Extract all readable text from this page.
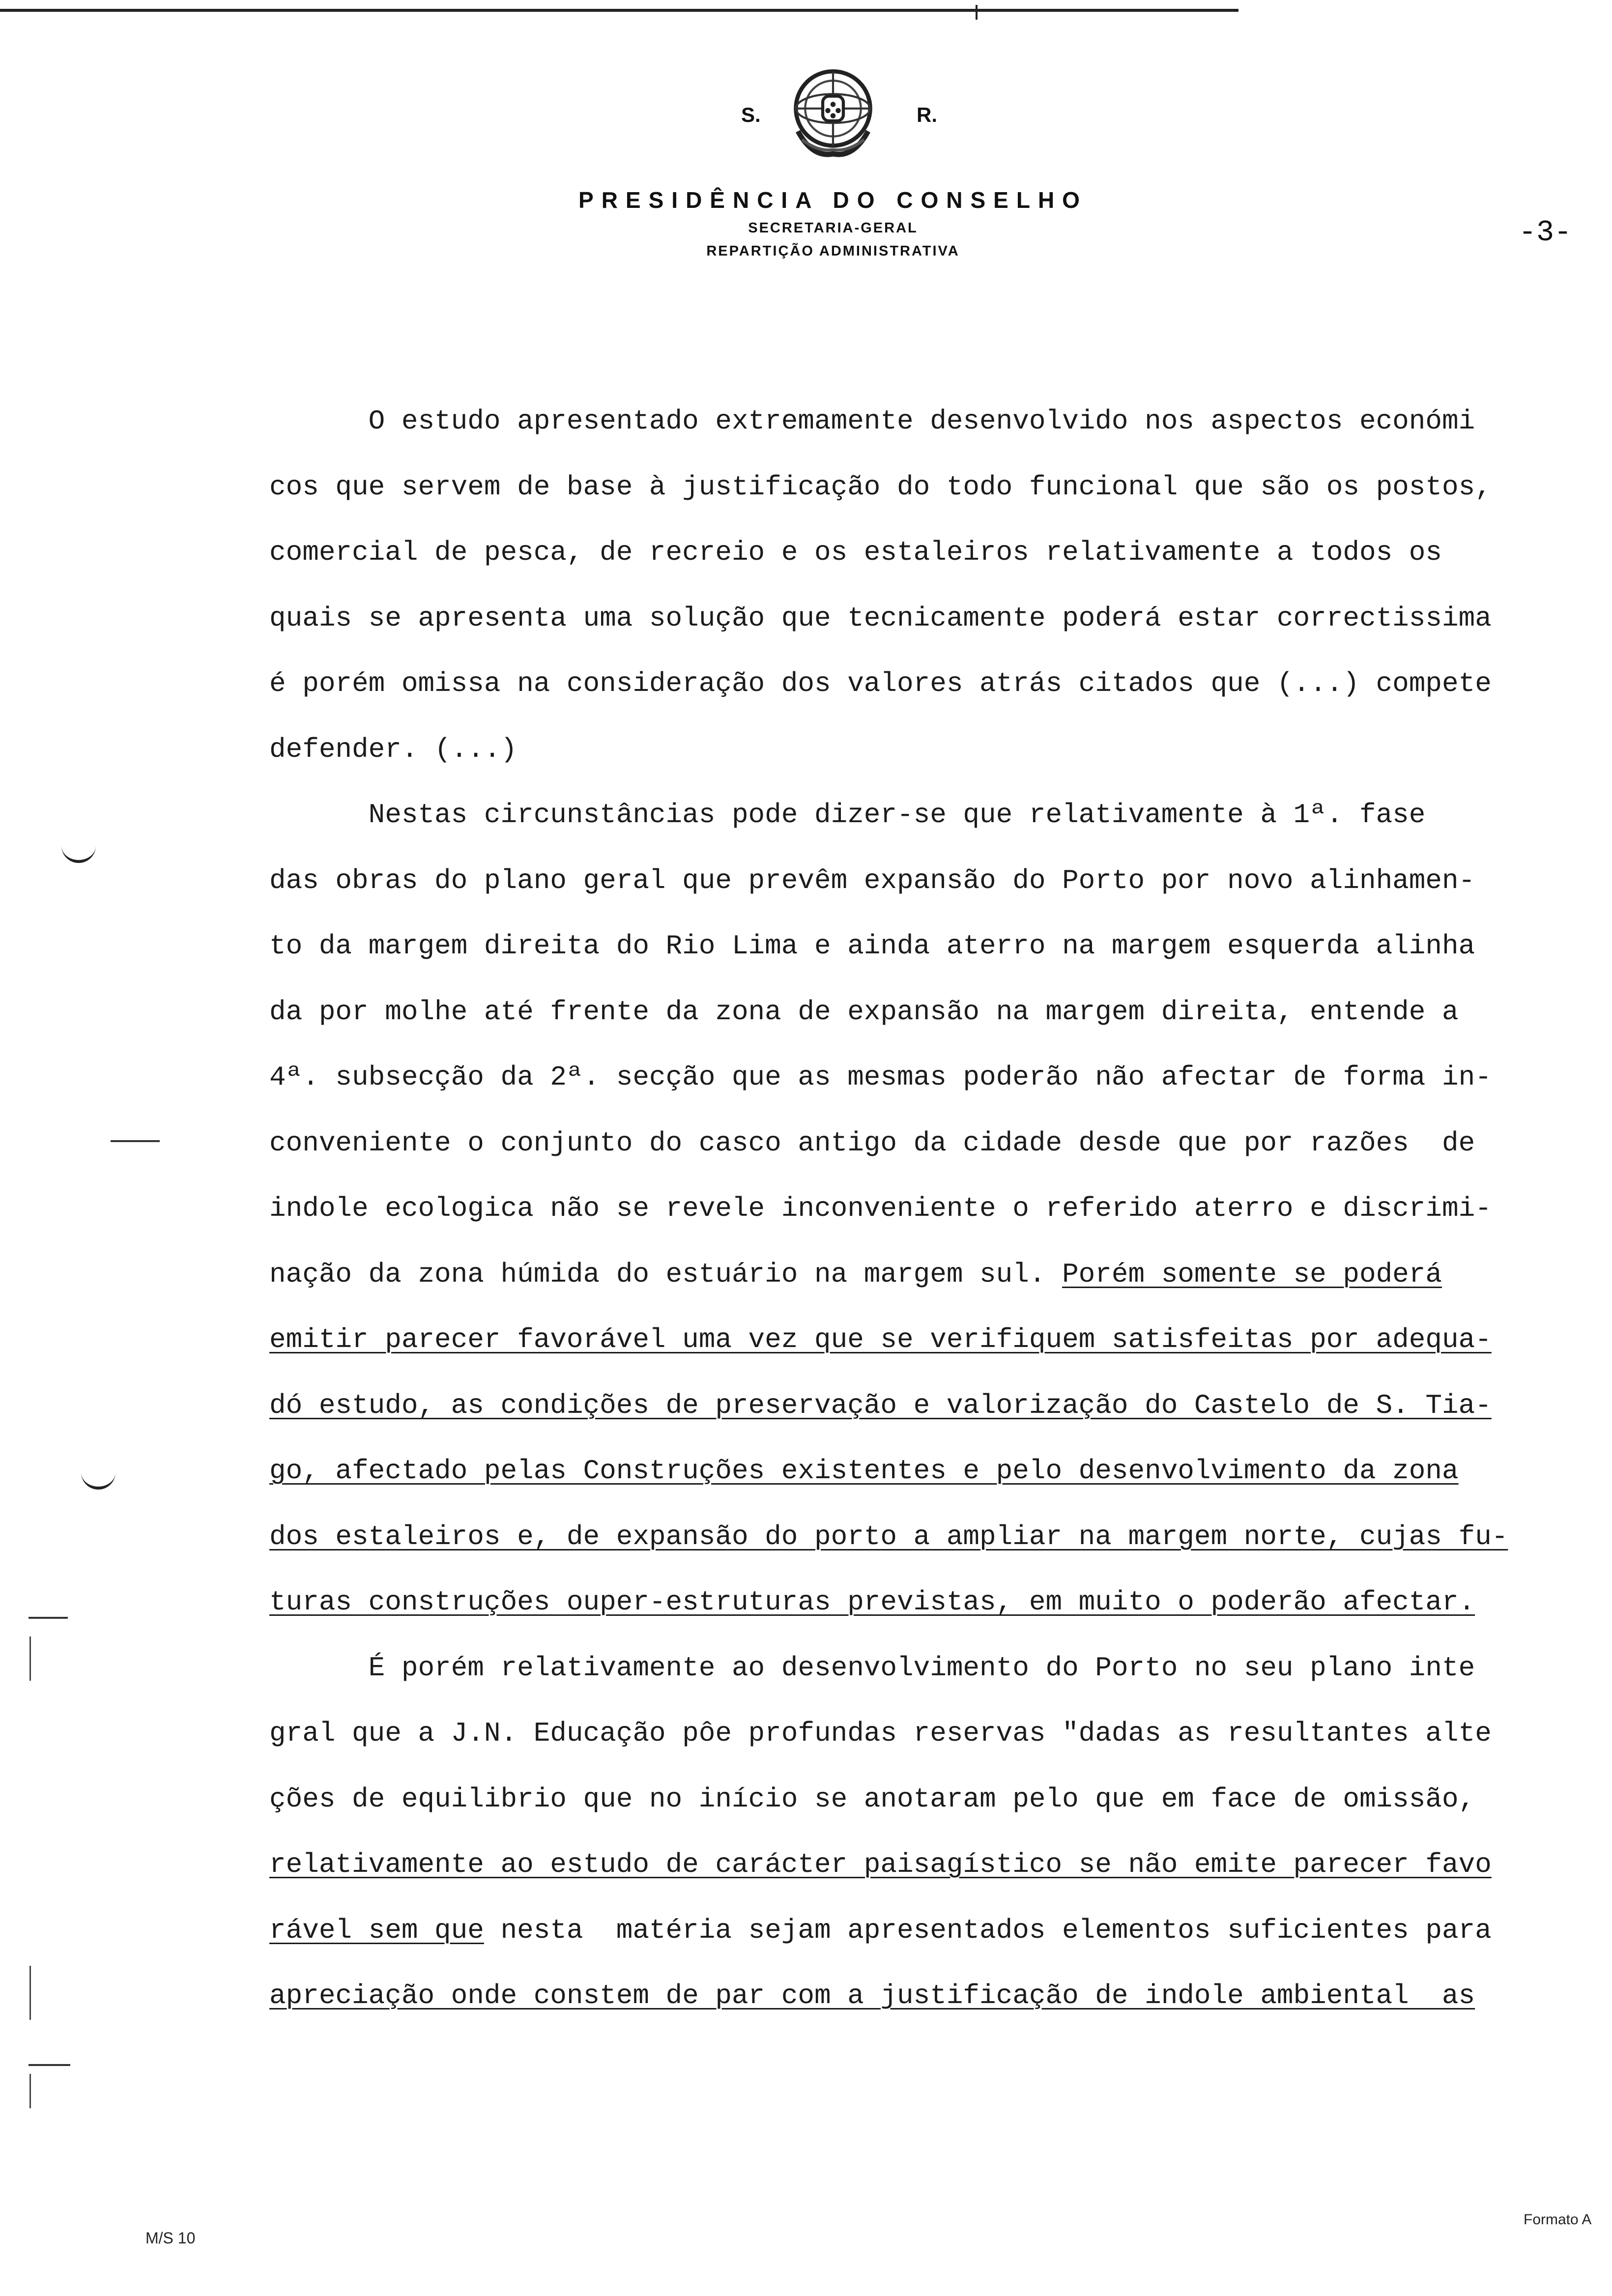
S.	R.
PRESIDÊNCIA DO CONSELHO
SECRETARIA-GERAL
REPARTIÇÃO ADMINISTRATIVA
-3-
O estudo apresentado extremamente desenvolvido nos aspectos económi
cos que servem de base à justificação do todo funcional que são os postos,
comercial de pesca, de recreio e os estaleiros relativamente a todos os
quais se apresenta uma solução que tecnicamente poderá estar correctissima
é porém omissa na consideração dos valores atrás citados que (...) compete
defender. (...)
Nestas circunstâncias pode dizer-se que relativamente à 1ª. fase
das obras do plano geral que prevêm expansão do Porto por novo alinhamen-
to da margem direita do Rio Lima e ainda aterro na margem esquerda alinha
da por molhe até frente da zona de expansão na margem direita, entende a
4ª. subsecção da 2ª. secção que as mesmas poderão não afectar de forma in-
conveniente o conjunto do casco antigo da cidade desde que por razões  de
indole ecologica não se revele inconveniente o referido aterro e discrimi-
nação da zona húmida do estuário na margem sul. Porém somente se poderá
emitir parecer favorável uma vez que se verifiquem satisfeitas por adequa-
dó estudo, as condições de preservação e valorização do Castelo de S. Tia-
go, afectado pelas Construções existentes e pelo desenvolvimento da zona
dos estaleiros e, de expansão do porto a ampliar na margem norte, cujas fu-
turas construções ouper-estruturas previstas, em muito o poderão afectar.
É porém relativamente ao desenvolvimento do Porto no seu plano inte
gral que a J.N. Educação pôe profundas reservas "dadas as resultantes alte
ções de equilibrio que no início se anotaram pelo que em face de omissão,
relativamente ao estudo de carácter paisagístico se não emite parecer favo
rável sem que nesta  matéria sejam apresentados elementos suficientes para
apreciação onde constem de par com a justificação de indole ambiental  as
M/S 10
Formato A
